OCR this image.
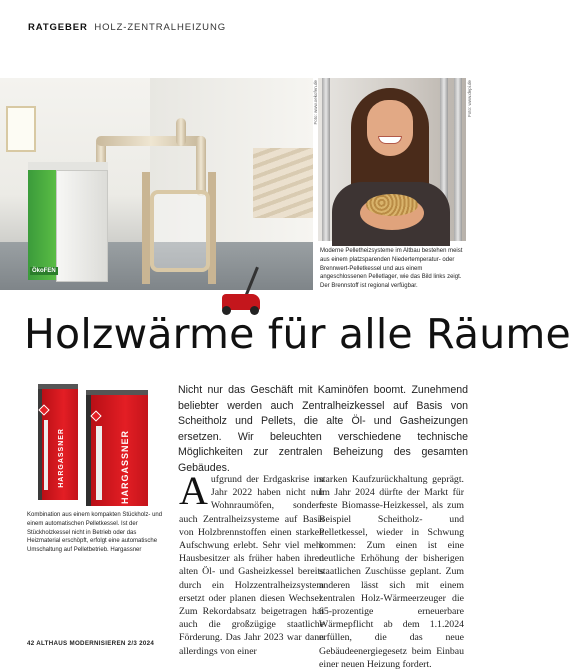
RATGEBER HOLZ-ZENTRALHEIZUNG
ÖkoFEN
Foto: www.oekofen.de	Foto: www.depi.de
Moderne Pelletheizsysteme im Altbau bestehen meist aus einem platzsparenden Niedertemperatur- oder Brennwert-Pelletkessel und aus einem angeschlossenen Pelletlager, wie das Bild links zeigt. Der Brennstoff ist regional verfügbar.
Holzwärme für alle Räume
HARGASSNER	HARGASSNER
Kombination aus einem kompakten Stückholz- und einem automatischen Pelletkessel. Ist der Stückholzkessel nicht in Betrieb oder das Heizmaterial erschöpft, erfolgt eine automatische Umschaltung auf Pelletbetrieb. Hargassner
Nicht nur das Geschäft mit Kaminöfen boomt. Zunehmend beliebter werden auch Zentralheizkessel auf Basis von Scheitholz und Pellets, die alte Öl- und Gasheizungen ersetzen. Wir beleuchten verschiedene technische Möglichkeiten zur zentralen Beheizung des gesamten Gebäudes.
Aufgrund der Erdgaskrise im Jahr 2022 haben nicht nur Wohnraumöfen, sondern auch Zentralheizsysteme auf Basis von Holzbrennstoffen einen starken Aufschwung erlebt. Sehr viel mehr Hausbesitzer als früher haben ihren alten Öl- und Gasheizkessel bereits durch ein Holzzentralheizsystem ersetzt oder planen diesen Wechsel. Zum Rekordabsatz beigetragen hat auch die großzügige staatliche Förderung. Das Jahr 2023 war dann allerdings von einer
starken Kaufzurückhaltung geprägt. Im Jahr 2024 dürfte der Markt für feste Biomasse-Heizkessel, als zum Beispiel Scheitholz- und Pelletkessel, wieder in Schwung kommen: Zum einen ist eine deutliche Erhöhung der bisherigen staatlichen Zuschüsse geplant. Zum anderen lässt sich mit einem zentralen Holz-Wärmeerzeuger die 65-prozentige erneuerbare Wärmepflicht ab dem 1.1.2024 erfüllen, die das neue Gebäudeenergiegesetz beim Einbau einer neuen Heizung fordert.
42 ALTHAUS MODERNISIEREN 2/3 2024
